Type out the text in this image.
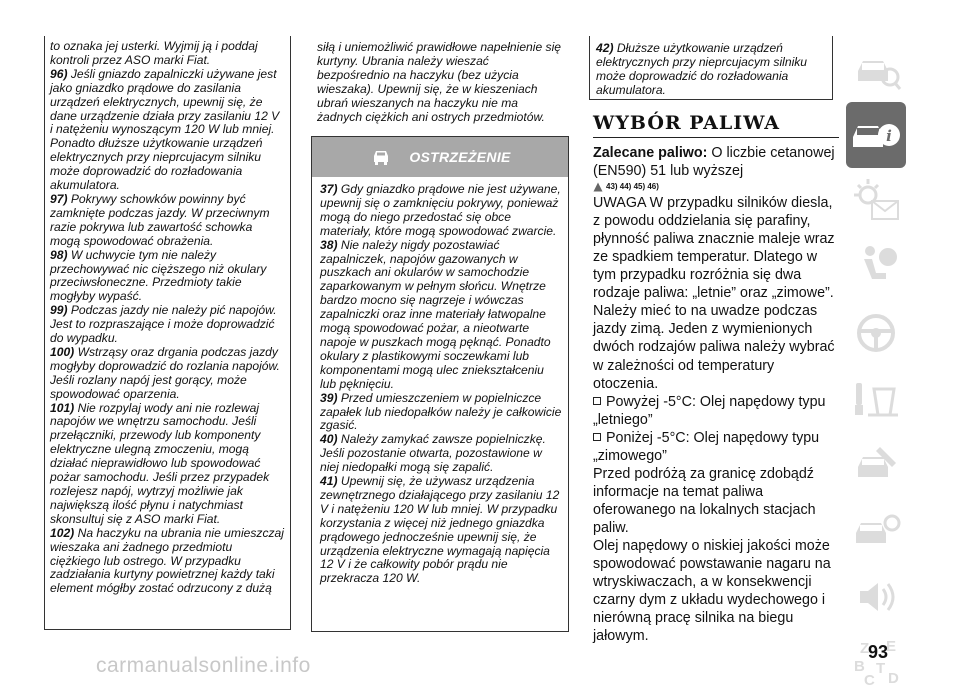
to oznaka jej usterki. Wyjmij ją i poddaj kontroli przez ASO marki Fiat.

96) Jeśli gniazdo zapalniczki używane jest jako gniazdko prądowe do zasilania urządzeń elektrycznych, upewnij się, że dane urządzenie działa przy zasilaniu 12 V i natężeniu wynoszącym 120 W lub mniej. Ponadto dłuższe użytkowanie urządzeń elektrycznych przy nieprcujacym silniku może doprowadzić do rozładowania akumulatora.

97) Pokrywy schowków powinny być zamknięte podczas jazdy. W przeciwnym razie pokrywa lub zawartość schowka mogą spowodować obrażenia.

98) W uchwycie tym nie należy przechowywać nic cięższego niż okulary przeciwsłoneczne. Przedmioty takie mogłyby wypaść.

99) Podczas jazdy nie należy pić napojów. Jest to rozpraszające i może doprowadzić do wypadku.

100) Wstrząsy oraz drgania podczas jazdy mogłyby doprowadzić do rozlania napojów. Jeśli rozlany napój jest gorący, może spowodować oparzenia.

101) Nie rozpylaj wody ani nie rozlewaj napojów we wnętrzu samochodu. Jeśli przełączniki, przewody lub komponenty elektryczne ulegną zmoczeniu, mogą działać nieprawidłowo lub spowodować pożar samochodu. Jeśli przez przypadek rozlejesz napój, wytrzyj możliwie jak największą ilość płynu i natychmiast skonsultuj się z ASO marki Fiat.

102) Na haczyku na ubrania nie umieszczaj wieszaka ani żadnego przedmiotu ciężkiego lub ostrego. W przypadku zadziałania kurtyny powietrznej każdy taki element mógłby zostać odrzucony z dużą

siłą i uniemożliwić prawidłowe napełnienie się kurtyny. Ubrania należy wieszać bezpośrednio na haczyku (bez użycia wieszaka). Upewnij się, że w kieszeniach ubrań wieszanych na haczyku nie ma żadnych ciężkich ani ostrych przedmiotów.

OSTRZEŻENIE

37) Gdy gniazdko prądowe nie jest używane, upewnij się o zamknięciu pokrywy, ponieważ mogą do niego przedostać się obce materiały, które mogą spowodować zwarcie.

38) Nie należy nigdy pozostawiać zapalniczek, napojów gazowanych w puszkach ani okularów w samochodzie zaparkowanym w pełnym słońcu. Wnętrze bardzo mocno się nagrzeje i wówczas zapalniczki oraz inne materiały łatwopalne mogą spowodować pożar, a nieotwarte napoje w puszkach mogą pęknąć. Ponadto okulary z plastikowymi soczewkami lub komponentami mogą ulec zniekształceniu lub pęknięciu.

39) Przed umieszczeniem w popielniczce zapałek lub niedopałków należy je całkowicie zgasić.

40) Należy zamykać zawsze popielniczkę. Jeśli pozostanie otwarta, pozostawione w niej niedopałki mogą się zapalić.

41) Upewnij się, że używasz urządzenia zewnętrznego działającego przy zasilaniu 12 V i natężeniu 120 W lub mniej. W przypadku korzystania z więcej niż jednego gniazdka prądowego jednocześnie upewnij się, że urządzenia elektryczne wymagają napięcia 12 V i że całkowity pobór prądu nie przekracza 120 W.

42) Dłuższe użytkowanie urządzeń elektrycznych przy nieprcujacym silniku może doprowadzić do rozładowania akumulatora.

WYBÓR PALIWA

Zalecane paliwo: O liczbie cetanowej (EN590) 51 lub wyższej

43) 44) 45) 46)

UWAGA W przypadku silników diesla, z powodu oddzielania się parafiny, płynność paliwa znacznie maleje wraz ze spadkiem temperatur. Dlatego w tym przypadku rozróżnia się dwa rodzaje paliwa: „letnie” oraz „zimowe”. Należy mieć to na uwadze podczas jazdy zimą. Jeden z wymienionych dwóch rodzajów paliwa należy wybrać w zależności od temperatury otoczenia.

Powyżej -5°C: Olej napędowy typu „letniego”

Poniżej -5°C: Olej napędowy typu „zimowego”

Przed podróżą za granicę zdobądź informacje na temat paliwa oferowanego na lokalnych stacjach paliw.

Olej napędowy o niskiej jakości może spowodować powstawanie nagaru na wtryskiwaczach, a w konsekwencji czarny dym z układu wydechowego i nierówną pracę silnika na biegu jałowym.

i
Z E
B
C
T
D
93
carmanualsonline.info
